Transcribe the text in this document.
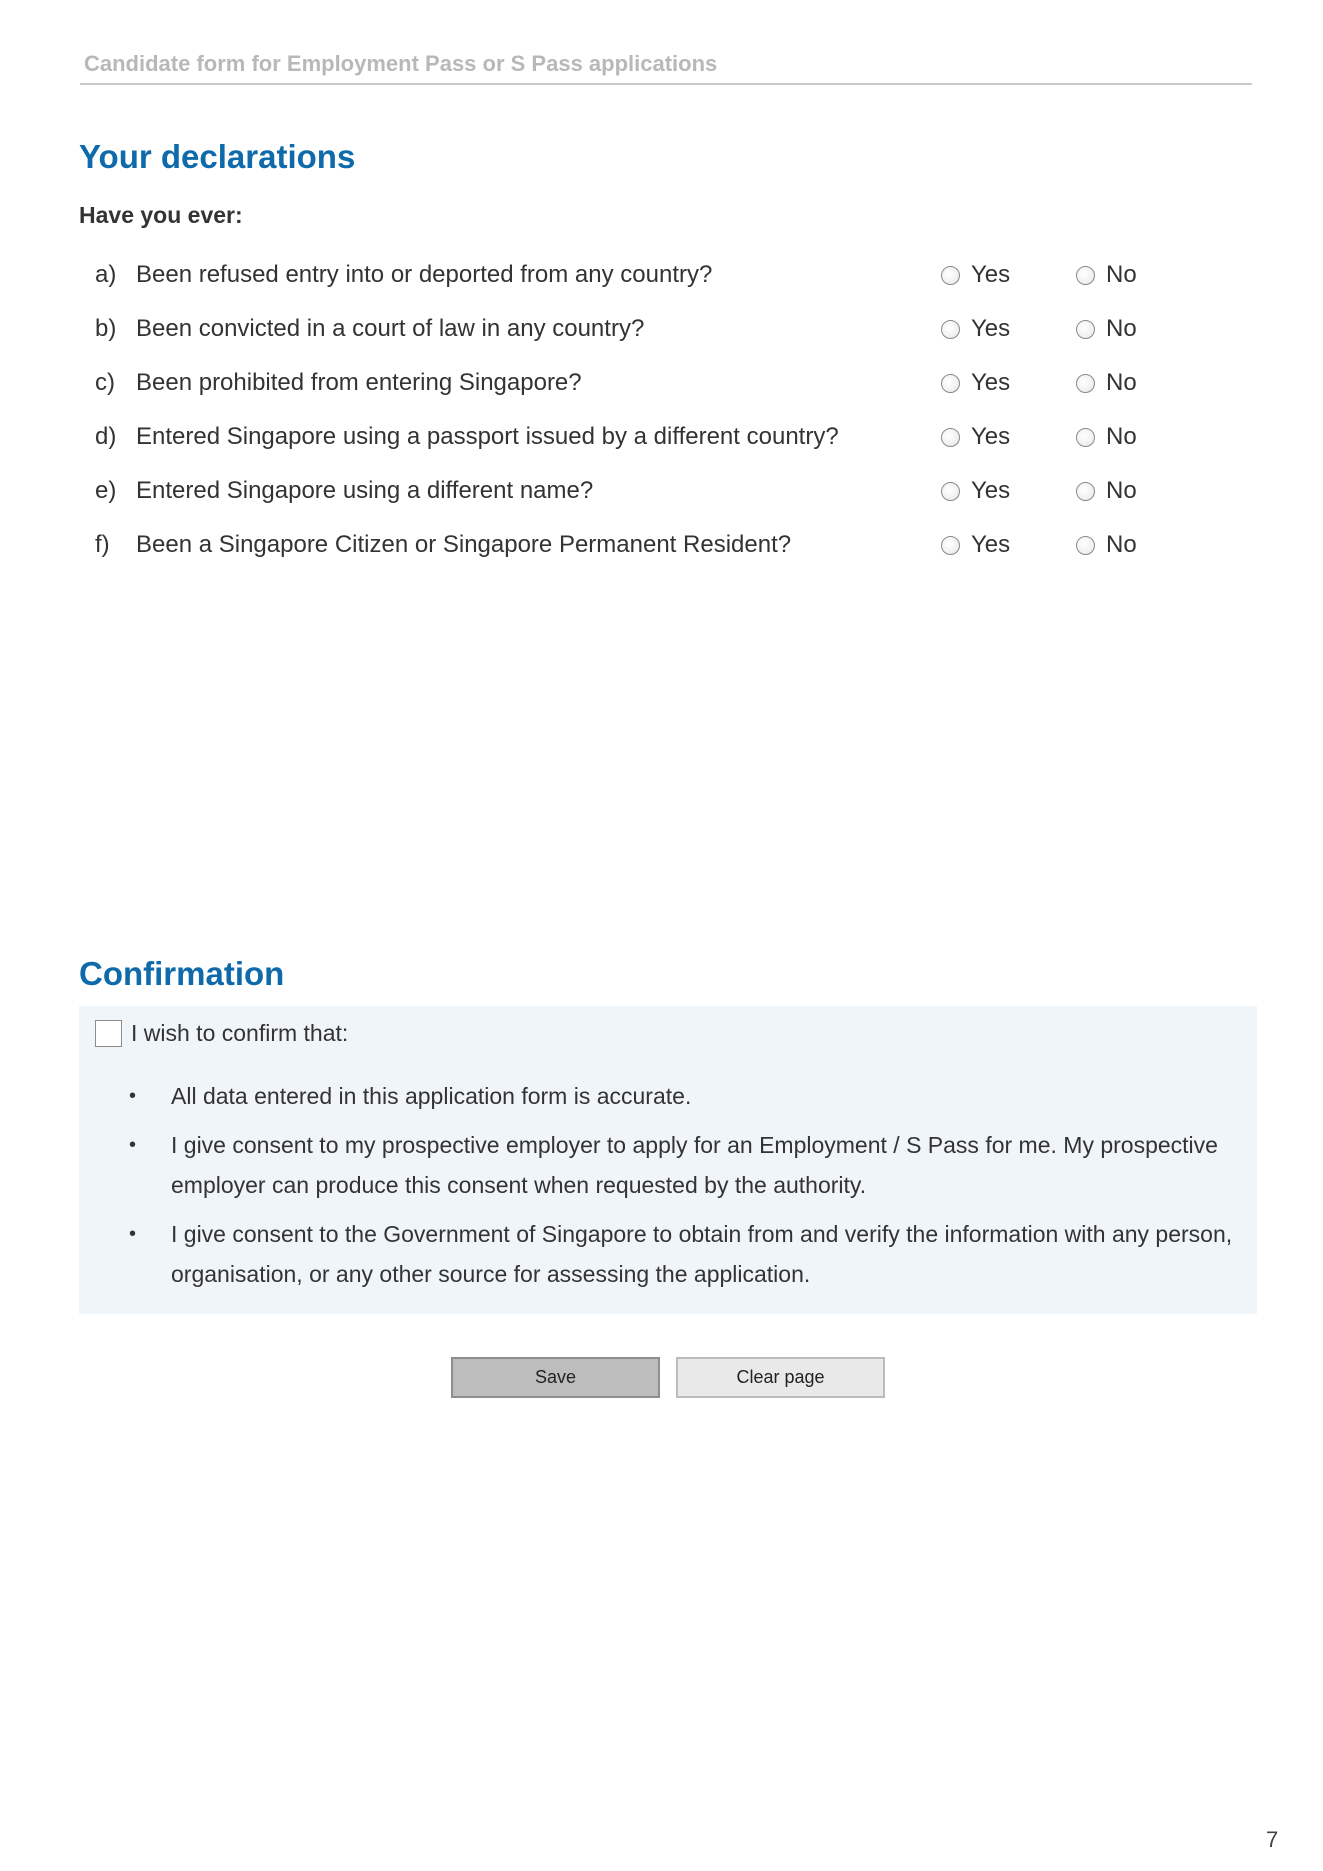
Candidate form for Employment Pass or S Pass applications
Your declarations
Have you ever:
a) Been refused entry into or deported from any country?	Yes	No
b) Been convicted in a court of law in any country?	Yes	No
c) Been prohibited from entering Singapore?	Yes	No
d) Entered Singapore using a passport issued by a different country?	Yes	No
e) Entered Singapore using a different name?	Yes	No
f) Been a Singapore Citizen or Singapore Permanent Resident?	Yes	No
Confirmation
I wish to confirm that:
• All data entered in this application form is accurate.
• I give consent to my prospective employer to apply for an Employment / S Pass for me. My prospective employer can produce this consent when requested by the authority.
• I give consent to the Government of Singapore to obtain from and verify the information with any person, organisation, or any other source for assessing the application.
Save	Clear page
7
